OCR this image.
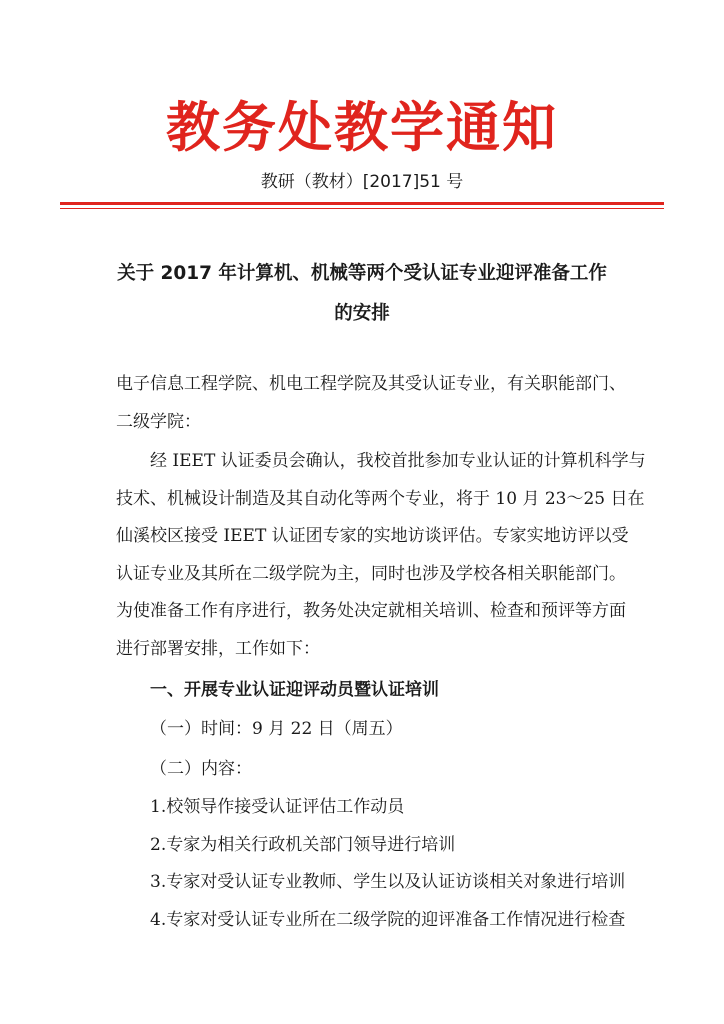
教务处教学通知
教研（教材）[2017]51 号
关于 2017 年计算机、机械等两个受认证专业迎评准备工作
的安排
电子信息工程学院、机电工程学院及其受认证专业，有关职能部门、
二级学院：
经 IEET 认证委员会确认，我校首批参加专业认证的计算机科学与
技术、机械设计制造及其自动化等两个专业，将于 10 月 23～25 日在
仙溪校区接受 IEET 认证团专家的实地访谈评估。专家实地访评以受
认证专业及其所在二级学院为主，同时也涉及学校各相关职能部门。
为使准备工作有序进行，教务处决定就相关培训、检查和预评等方面
进行部署安排，工作如下：
一、开展专业认证迎评动员暨认证培训
（一）时间：9 月 22 日（周五）
（二）内容：
1.校领导作接受认证评估工作动员
2.专家为相关行政机关部门领导进行培训
3.专家对受认证专业教师、学生以及认证访谈相关对象进行培训
4.专家对受认证专业所在二级学院的迎评准备工作情况进行检查
